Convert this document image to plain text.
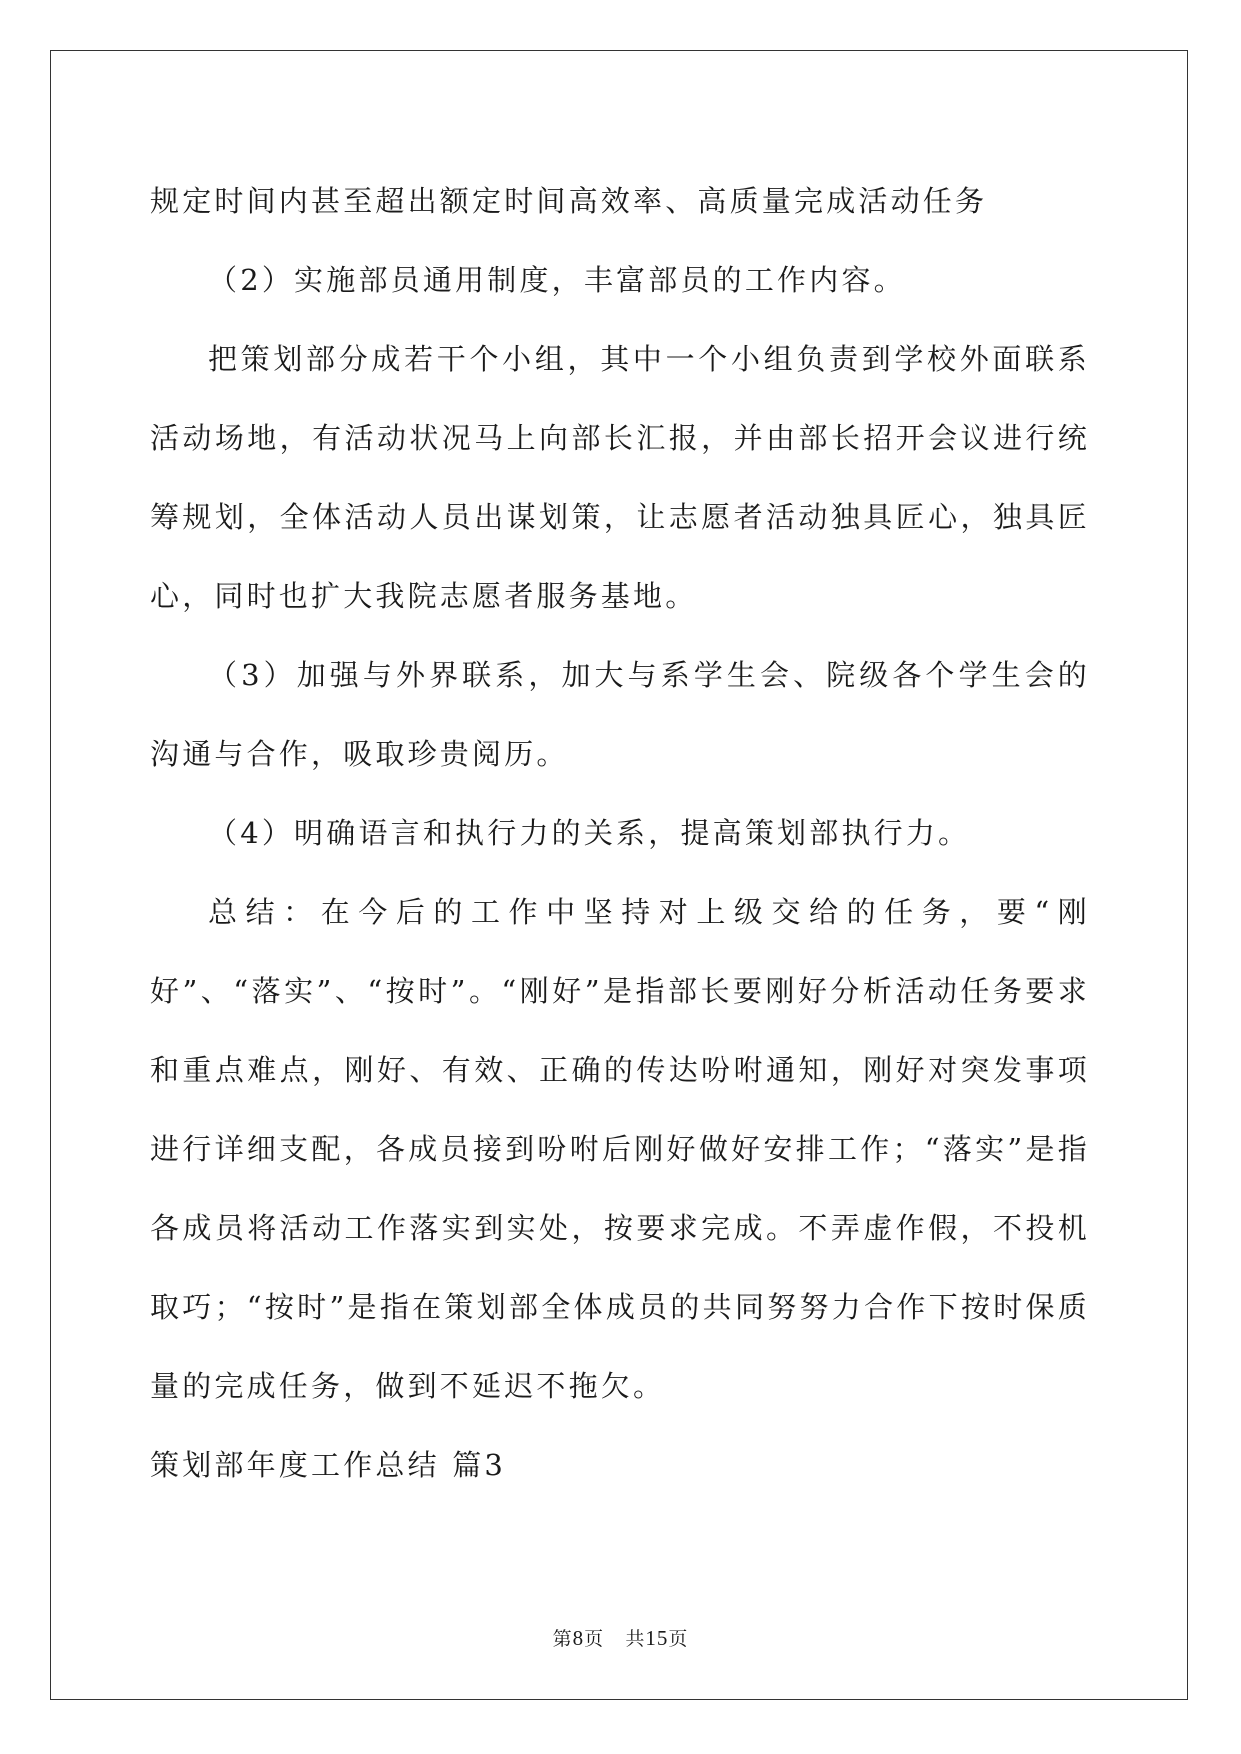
规定时间内甚至超出额定时间高效率、高质量完成活动任务

（2）实施部员通用制度，丰富部员的工作内容。

把策划部分成若干个小组，其中一个小组负责到学校外面联系活动场地，有活动状况马上向部长汇报，并由部长招开会议进行统筹规划，全体活动人员出谋划策，让志愿者活动独具匠心，独具匠心，同时也扩大我院志愿者服务基地。

（3）加强与外界联系，加大与系学生会、院级各个学生会的沟通与合作，吸取珍贵阅历。

（4）明确语言和执行力的关系，提高策划部执行力。

总结：在今后的工作中坚持对上级交给的任务，要“刚好”、“落实”、“按时”。“刚好”是指部长要刚好分析活动任务要求和重点难点，刚好、有效、正确的传达吩咐通知，刚好对突发事项进行详细支配，各成员接到吩咐后刚好做好安排工作；“落实”是指各成员将活动工作落实到实处，按要求完成。不弄虚作假，不投机取巧；“按时”是指在策划部全体成员的共同努努力合作下按时保质量的完成任务，做到不延迟不拖欠。

策划部年度工作总结 篇3

第8页 共15页
